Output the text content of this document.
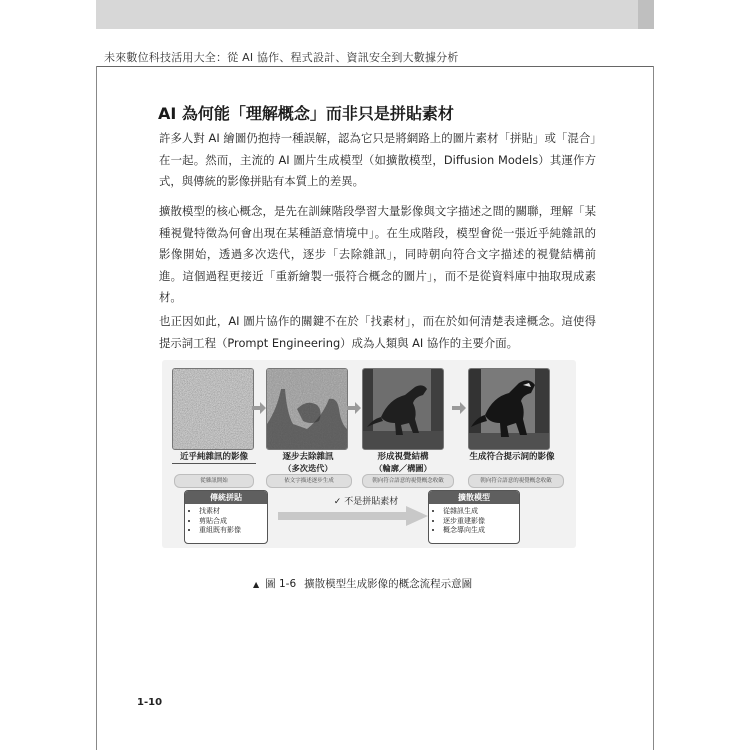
未來數位科技活用大全：從 AI 協作、程式設計、資訊安全到大數據分析
AI 為何能「理解概念」而非只是拼貼素材

許多人對 AI 繪圖仍抱持一種誤解，認為它只是將網路上的圖片素材「拼貼」或「混合」在一起。然而，主流的 AI 圖片生成模型（如擴散模型，Diffusion Models）其運作方式，與傳統的影像拼貼有本質上的差異。

擴散模型的核心概念，是先在訓練階段學習大量影像與文字描述之間的關聯，理解「某種視覺特徵為何會出現在某種語意情境中」。在生成階段，模型會從一張近乎純雜訊的影像開始，透過多次迭代，逐步「去除雜訊」，同時朝向符合文字描述的視覺結構前進。這個過程更接近「重新繪製一張符合概念的圖片」，而不是從資料庫中抽取現成素材。

也正因如此，AI 圖片協作的關鍵不在於「找素材」，而在於如何清楚表達概念。這使得提示詞工程（Prompt Engineering）成為人類與 AI 協作的主要介面。

近乎純雜訊的影像	逐步去除雜訊
（多次迭代）
形成視覺結構
（輪廓／構圖）
生成符合提示詞的影像
從雜訊開始	依文字描述逐步生成	朝向符合語意的視覺概念收斂	朝向符合語意的視覺概念收斂
傳統拼貼
• 找素材
• 剪貼合成
• 重組既有影像
✓ 不是拼貼素材	擴散模型
• 從雜訊生成
• 逐步重建影像
• 概念導向生成
▲ 圖 1-6 擴散模型生成影像的概念流程示意圖
1-10
